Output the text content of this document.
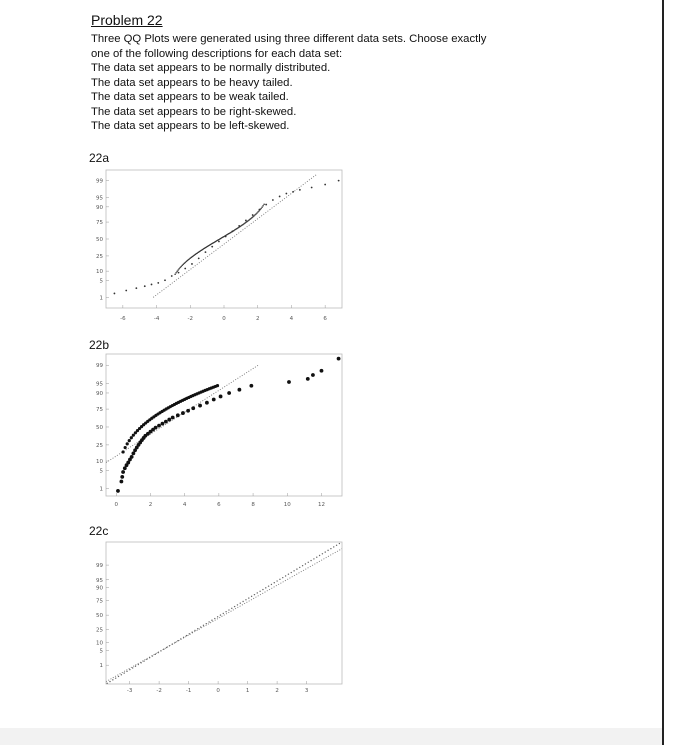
Problem 22

Three QQ Plots were generated using three different data sets. Choose exactly

one of the following descriptions for each data set:

The data set appears to be normally distributed.

The data set appears to be heavy tailed.

The data set appears to be weak tailed.

The data set appears to be right-skewed.

The data set appears to be left-skewed.

22a
22b
22c
99
95
90
75
50
25
10
5
1
-6	-4	-2	0	2	4	6
99
95
90
75
50
25
10
5
1
0	2	4	6	8	10	12
99
95
90
75
50
25
10
5
1
-3	-2	-1	0	1	2	3
